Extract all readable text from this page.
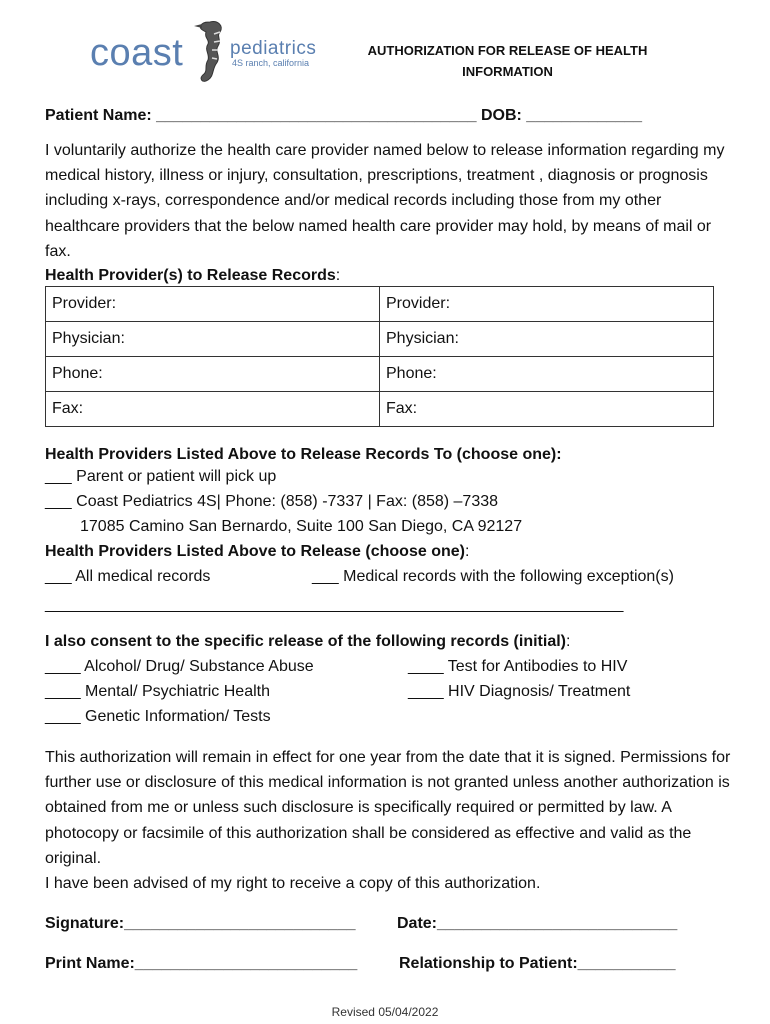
coast pediatrics
4S ranch, california
AUTHORIZATION FOR RELEASE OF HEALTH INFORMATION
Patient Name: ____________________________________ DOB: _____________
I voluntarily authorize the health care provider named below to release information regarding my medical history, illness or injury, consultation, prescriptions, treatment , diagnosis or prognosis including x-rays, correspondence and/or medical records including those from my other healthcare providers that the below named health care provider may hold, by means of mail or fax.
Health Provider(s) to Release Records:
Provider:	Provider:
Physician:	Physician:
Phone:	Phone:
Fax:	Fax:
Health Providers Listed Above to Release Records To (choose one):
___ Parent or patient will pick up
___ Coast Pediatrics 4S| Phone: (858) -7337 | Fax: (858) –7338
17085 Camino San Bernardo, Suite 100 San Diego, CA 92127
Health Providers Listed Above to Release (choose one):
___ All medical records	___ Medical records with the following exception(s)
_________________________________________________________________
I also consent to the specific release of the following records (initial):
____ Alcohol/ Drug/ Substance Abuse	____ Test for Antibodies to HIV
____ Mental/ Psychiatric Health	____ HIV Diagnosis/ Treatment
____ Genetic Information/ Tests
This authorization will remain in effect for one year from the date that it is signed. Permissions for further use or disclosure of this medical information is not granted unless another authorization is obtained from me or unless such disclosure is specifically required or permitted by law. A photocopy or facsimile of this authorization shall be considered as effective and valid as the original.
I have been advised of my right to receive a copy of this authorization.
Signature:__________________________	Date:___________________________
Print Name:_________________________	Relationship to Patient:___________
Revised 05/04/2022
